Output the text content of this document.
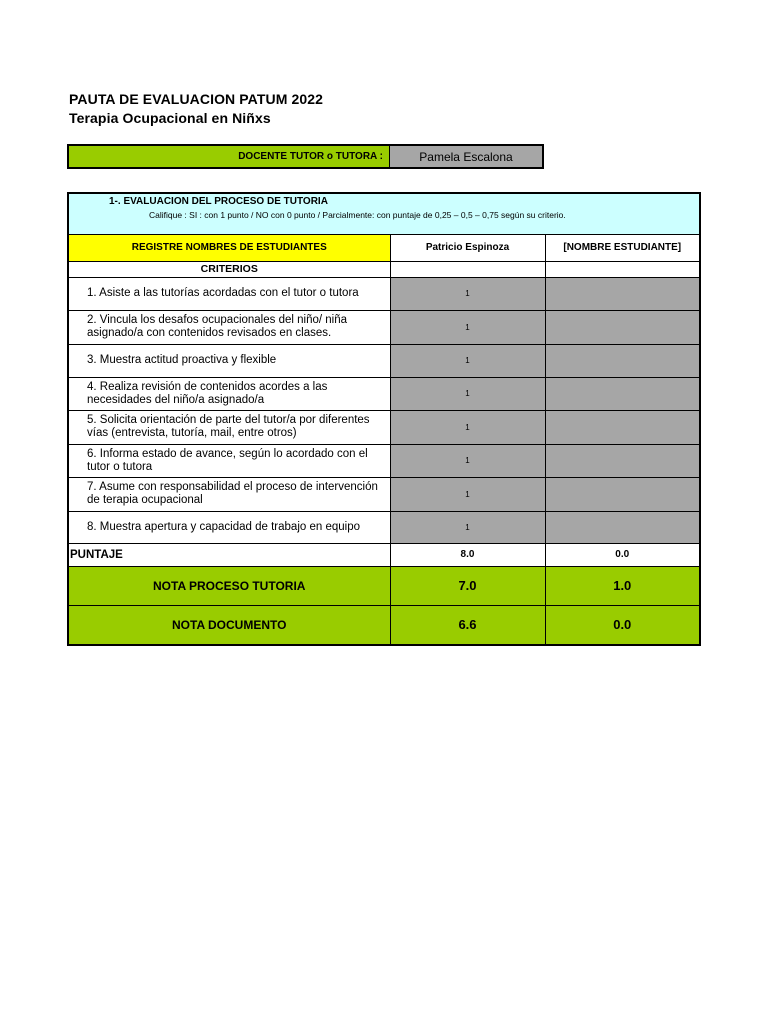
PAUTA DE EVALUACION PATUM 2022
Terapia Ocupacional en Niñxs
DOCENTE TUTOR o TUTORA :	Pamela Escalona
1-. EVALUACION DEL PROCESO DE TUTORIA
Califique : SI : con 1 punto / NO con 0 punto / Parcialmente: con puntaje de 0,25 – 0,5 – 0,75 según su criterio.		

REGISTRE NOMBRES DE ESTUDIANTES	Patricio Espinoza	[NOMBRE ESTUDIANTE]
CRITERIOS		
1. Asiste a las tutorías acordadas con el tutor o tutora	1	
2. Vincula los desafos ocupacionales del niño/ niña asignado/a con contenidos revisados en clases.	1	
3. Muestra actitud proactiva y flexible	1	
4. Realiza revisión de contenidos acordes a las necesidades del niño/a asignado/a	1	
5. Solicita orientación de parte del tutor/a por diferentes vías (entrevista, tutoría, mail, entre otros)	1	
6. Informa estado de avance, según lo acordado con el tutor o tutora	1	
7. Asume con responsabilidad el proceso de intervención de terapia ocupacional	1	
8. Muestra apertura y capacidad de trabajo en equipo	1	
PUNTAJE	8.0	0.0
NOTA PROCESO TUTORIA	7.0	1.0
NOTA DOCUMENTO	6.6	0.0
